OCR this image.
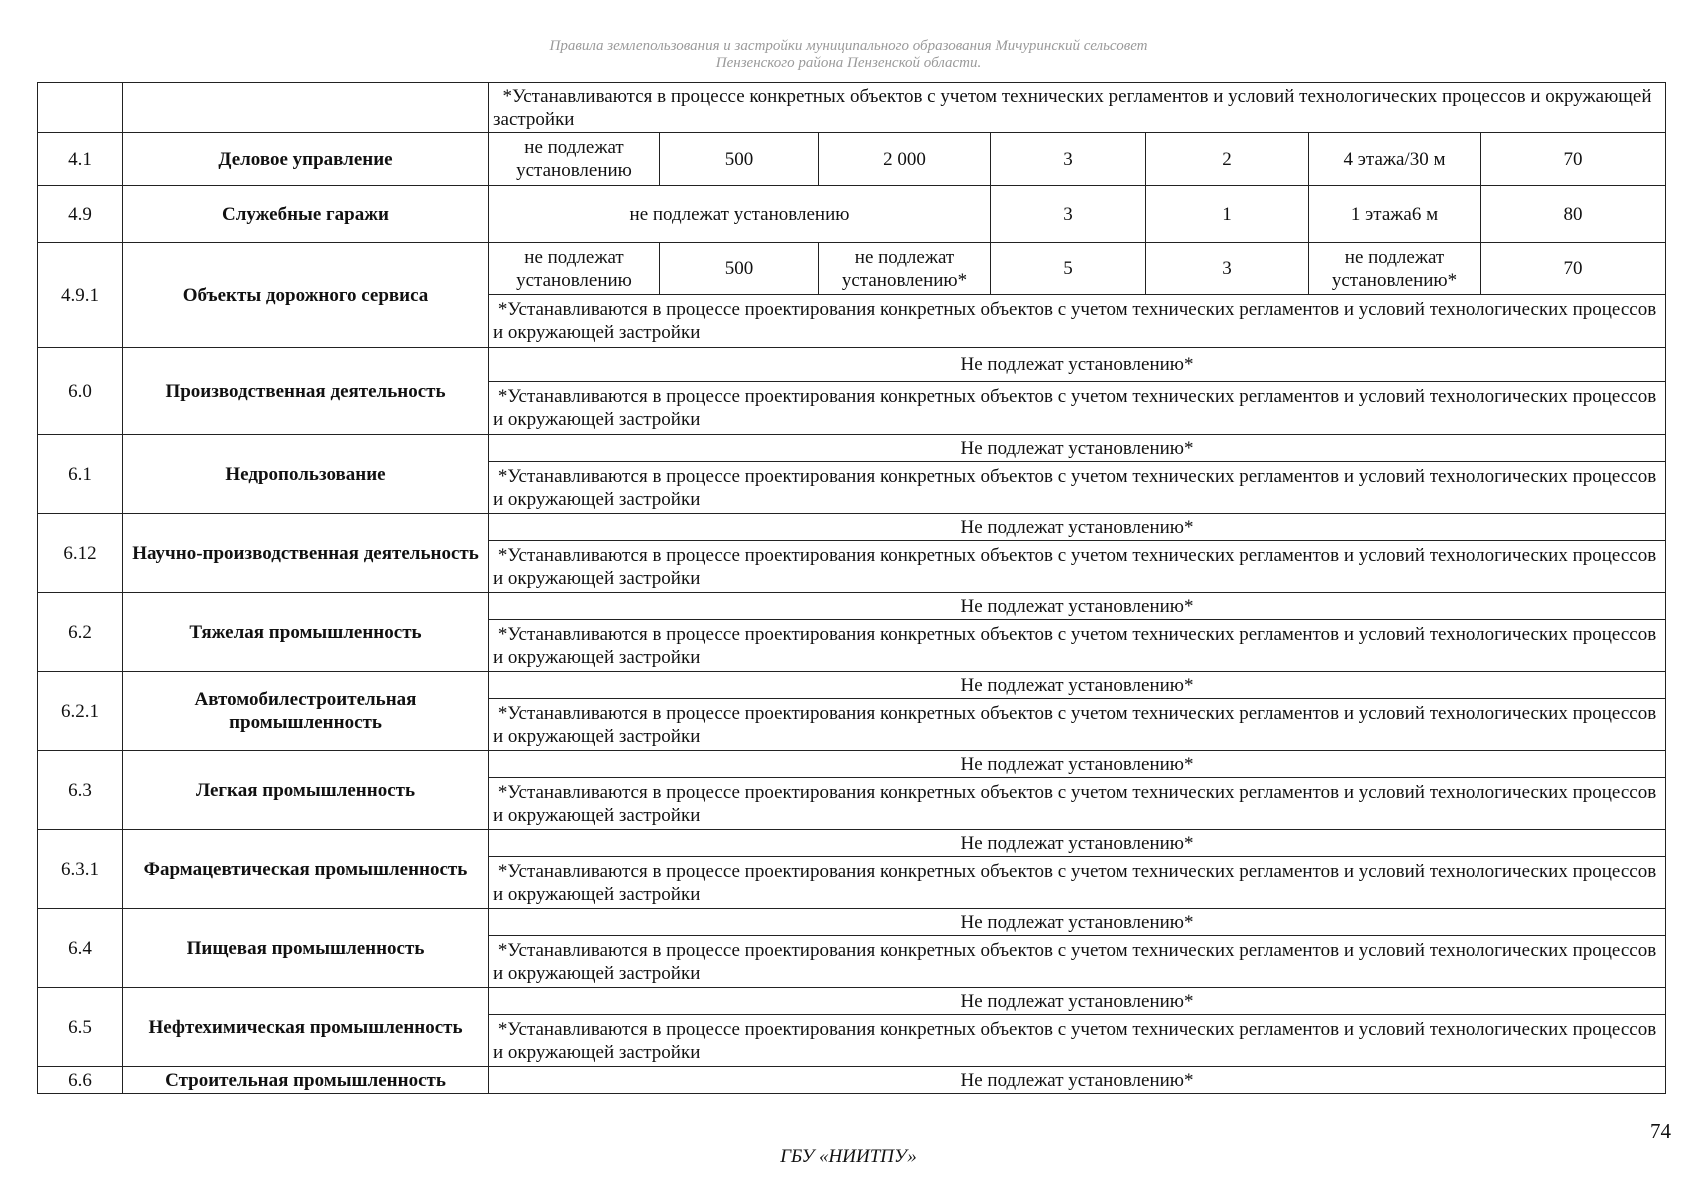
Правила землепользования и застройки муниципального образования Мичуринский сельсовет
Пензенского района Пензенской области.
		*Устанавливаются в процессе конкретных объектов с учетом технических регламентов и условий технологических процессов и окружающей застройки						
4.1	Деловое управление	не подлежат установлению	500	2 000	3	2	4 этажа/30 м	70
4.9	Служебные гаражи	не подлежат установлению			3	1	1 этажа6 м	80
4.9.1	Объекты дорожного сервиса	не подлежат установлению	500	не подлежат установлению*	5	3	не подлежат установлению*	70
		*Устанавливаются в процессе проектирования конкретных объектов с учетом технических регламентов и условий технологических процессов и окружающей застройки						
6.0	Производственная деятельность	Не подлежат установлению*						
		*Устанавливаются в процессе проектирования конкретных объектов с учетом технических регламентов и условий технологических процессов и окружающей застройки						
6.1	Недропользование	Не подлежат установлению*						
		*Устанавливаются в процессе проектирования конкретных объектов с учетом технических регламентов и условий технологических процессов и окружающей застройки						
6.12	Научно-производственная деятельность	Не подлежат установлению*						
		*Устанавливаются в процессе проектирования конкретных объектов с учетом технических регламентов и условий технологических процессов и окружающей застройки						
6.2	Тяжелая промышленность	Не подлежат установлению*						
		*Устанавливаются в процессе проектирования конкретных объектов с учетом технических регламентов и условий технологических процессов и окружающей застройки						
6.2.1	Автомобилестроительная промышленность	Не подлежат установлению*						
		*Устанавливаются в процессе проектирования конкретных объектов с учетом технических регламентов и условий технологических процессов и окружающей застройки						
6.3	Легкая промышленность	Не подлежат установлению*						
		*Устанавливаются в процессе проектирования конкретных объектов с учетом технических регламентов и условий технологических процессов и окружающей застройки						
6.3.1	Фармацевтическая промышленность	Не подлежат установлению*						
		*Устанавливаются в процессе проектирования конкретных объектов с учетом технических регламентов и условий технологических процессов и окружающей застройки						
6.4	Пищевая промышленность	Не подлежат установлению*						
		*Устанавливаются в процессе проектирования конкретных объектов с учетом технических регламентов и условий технологических процессов и окружающей застройки						
6.5	Нефтехимическая промышленность	Не подлежат установлению*						
		*Устанавливаются в процессе проектирования конкретных объектов с учетом технических регламентов и условий технологических процессов и окружающей застройки						
6.6	Строительная промышленность	Не подлежат установлению*						
74
ГБУ «НИИТПУ»
